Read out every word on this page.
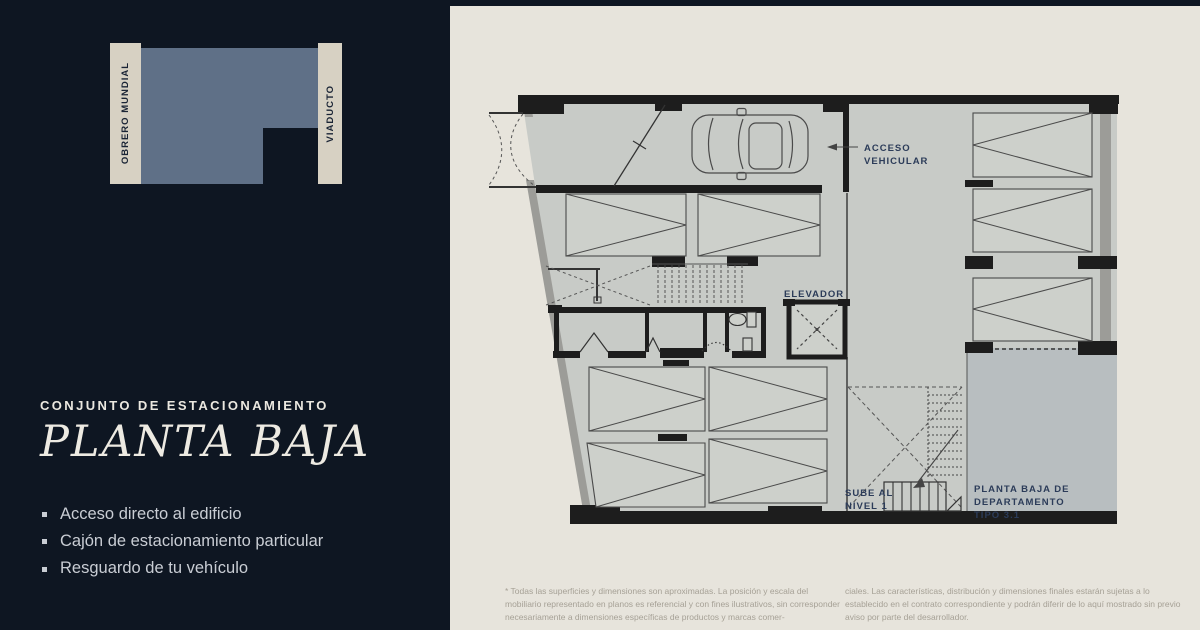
OBRERO MUNDIAL	VIADUCTO
CONJUNTO DE ESTACIONAMIENTO
PLANTA BAJA
Acceso directo al edificio
Cajón de estacionamiento particular
Resguardo de tu vehículo
ACCESO
VEHICULAR
ELEVADOR
SUBE AL
NIVEL 1
PLANTA BAJA DE
DEPARTAMENTO
TIPO 3.1
* Todas las superficies y dimensiones son aproximadas. La posición y escala del mobiliario representado en planos es referencial y con fines ilustrativos, sin corresponder necesariamente a dimensiones específicas de productos y marcas comer-
ciales. Las características, distribución y dimensiones finales estarán sujetas a lo establecido en el contrato correspondiente y podrán diferir de lo aquí mostrado sin previo aviso por parte del desarrollador.
